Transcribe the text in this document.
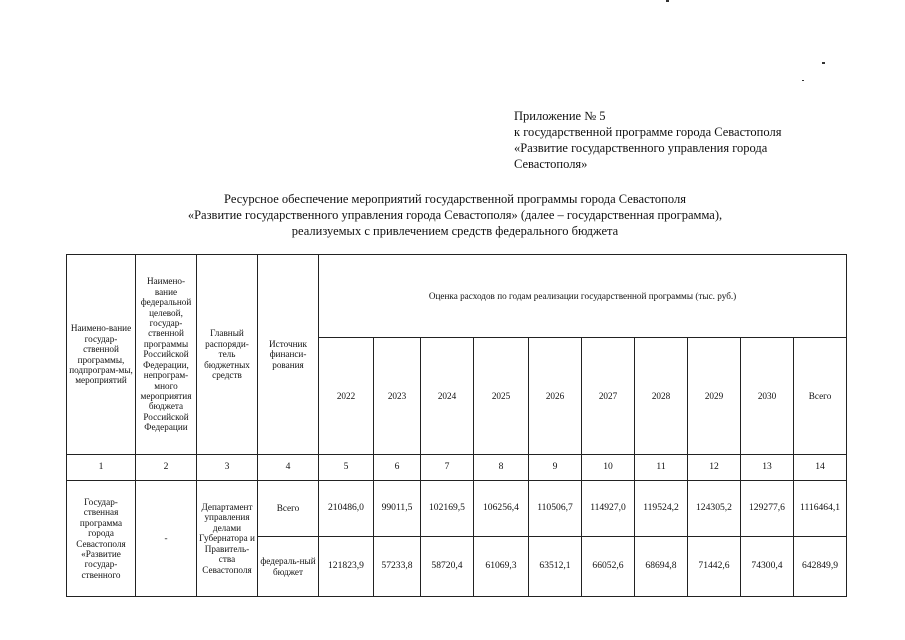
Приложение № 5
к государственной программе города Севастополя
«Развитие государственного управления города
Севастополя»
Ресурсное обеспечение мероприятий государственной программы города Севастополя
«Развитие государственного управления города Севастополя» (далее – государственная программа),
реализуемых с привлечением средств федерального бюджета
Наимено-вание государ-ственной программы, подпрограм-мы, мероприятий	Наимено-вание федеральной целевой, государ-ственной программы Российской Федерации, непрограм-много мероприятия бюджета Российской Федерации	Главный распоряди-тель бюджетных средств	Источник финанси-рования	Оценка расходов по годам реализации государственной программы (тыс. руб.)									
				2022	2023	2024	2025	2026	2027	2028	2029	2030	Всего
1	2	3	4	5	6	7	8	9	10	11	12	13	14
Государ-ственная программа города Севастополя «Развитие государ-ственного	-	Департамент управления делами Губернатора и Правитель-ства Севастополя	Всего	210486,0	99011,5	102169,5	106256,4	110506,7	114927,0	119524,2	124305,2	129277,6	1116464,1
			федераль-ный бюджет	121823,9	57233,8	58720,4	61069,3	63512,1	66052,6	68694,8	71442,6	74300,4	642849,9
